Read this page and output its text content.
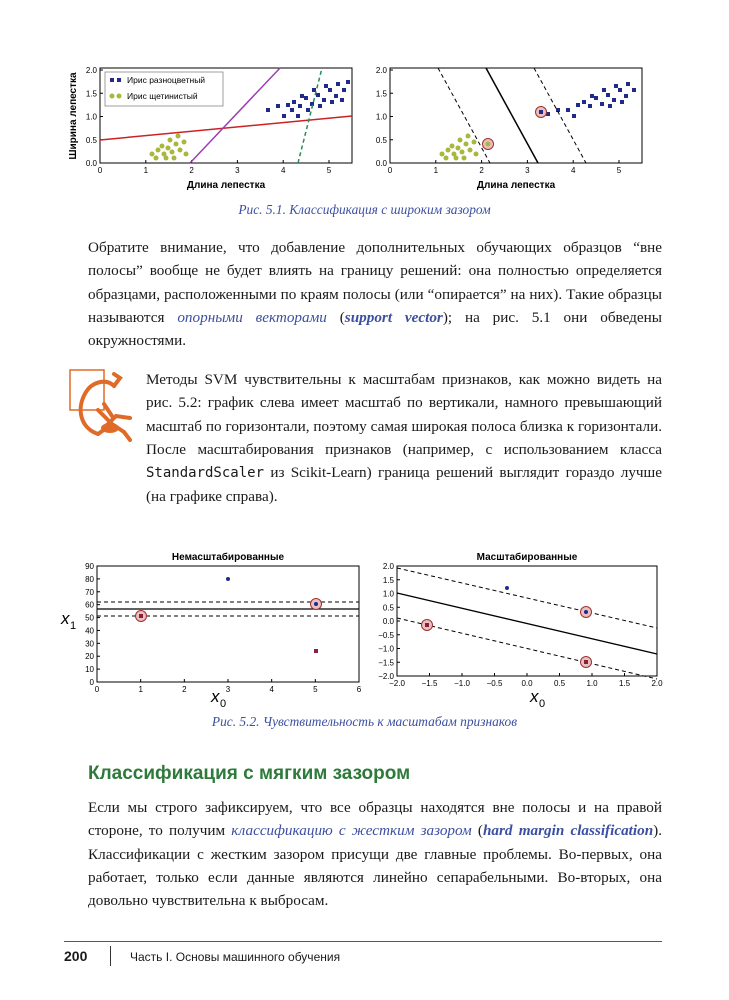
Ширина лепестка
Длина лепестка
0	1	2	3	4	5
0.0
0.5
1.0
1.5
2.0
Ирис разноцветный
Ирис щетинистый
Длина лепестка
0	1	2	3	4	5
0.0
0.5
1.0
1.5
2.0
Рис. 5.1. Классификация с широким зазором
Обратите внимание, что добавление дополнительных обучающих образцов “вне полосы” вообще не будет влиять на границу решений: она полностью определяется образцами, расположенными по краям полосы (или “опирается” на них). Такие образцы называются опорными векторами (support vector); на рис. 5.1 они обведены окружностями.
Методы SVM чувствительны к масштабам признаков, как можно видеть на рис. 5.2: график слева имеет масштаб по вертикали, намного превышающий масштаб по горизонтали, поэтому самая широкая полоса близка к горизонтали. После масштабирования признаков (например, с использованием класса StandardScaler из Scikit-Learn) граница решений выглядит гораздо лучше (на графике справа).
Немасштабированные
0	1	2	3	4	5	6
0
10
20
30
40
50
60
70
80
90
x 1
x 0
Масштабированные
−2.0 −1.5 −1.0 −0.5 0.0	0.5	1.0	1.5	2.0
−2.0
−1.5
−1.0
−0.5
0.0
0.5
1.0
1.5
2.0
x 0
Рис. 5.2. Чувствительность к масштабам признаков
Классификация с мягким зазором
Если мы строго зафиксируем, что все образцы находятся вне полосы и на правой стороне, то получим классификацию с жестким зазором (hard margin classification). Классификации с жестким зазором присущи две главные проблемы. Во-первых, она работает, только если данные являются линейно сепарабельными. Во-вторых, она довольно чувствительна к выбросам.
200	Часть I. Основы машинного обучения
